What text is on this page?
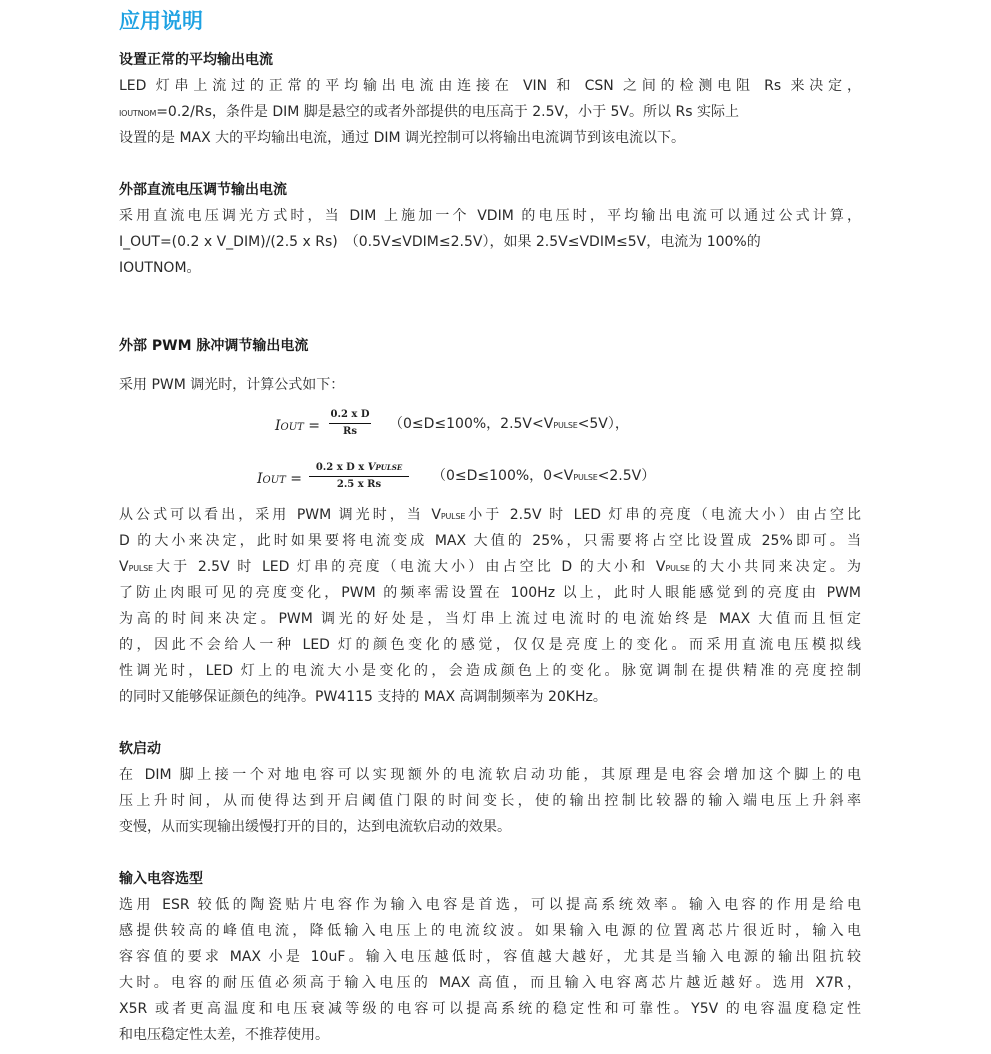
应用说明
设置正常的平均输出电流
LED 灯串上流过的正常的平均输出电流由连接在 VIN 和 CSN 之间的检测电阻 Rs 来决定，
IOUTNOM=0.2/Rs，条件是 DIM 脚是悬空的或者外部提供的电压高于 2.5V，小于 5V。所以 Rs 实际上
设置的是 MAX 大的平均输出电流，通过 DIM 调光控制可以将输出电流调节到该电流以下。
外部直流电压调节输出电流
采用直流电压调光方式时，当 DIM 上施加一个 VDIM 的电压时，平均输出电流可以通过公式计算，
I_OUT=(0.2 x V_DIM)/(2.5 x Rs)　（0.5V≤VDIM≤2.5V），如果 2.5V≤VDIM≤5V，电流为 100%的
IOUTNOM。
外部 PWM 脉冲调节输出电流
采用 PWM 调光时，计算公式如下：
IOUT =
0.2 x D
Rs	（0≤D≤100%，2.5V<VPULSE<5V），
IOUT =
0.2 x D x VPULSE
2.5 x Rs
（0≤D≤100%，0<VPULSE<2.5V）
从公式可以看出，采用 PWM 调光时，当 VPULSE小于 2.5V 时 LED 灯串的亮度（电流大小）由占空比
D 的大小来决定，此时如果要将电流变成 MAX 大值的 25%，只需要将占空比设置成 25%即可。当
VPULSE大于 2.5V 时 LED 灯串的亮度（电流大小）由占空比 D 的大小和 VPULSE的大小共同来决定。为
了防止肉眼可见的亮度变化，PWM 的频率需设置在 100Hz 以上，此时人眼能感觉到的亮度由 PWM
为高的时间来决定。PWM 调光的好处是，当灯串上流过电流时的电流始终是 MAX 大值而且恒定
的，因此不会给人一种 LED 灯的颜色变化的感觉，仅仅是亮度上的变化。而采用直流电压模拟线
性调光时，LED 灯上的电流大小是变化的，会造成颜色上的变化。脉宽调制在提供精准的亮度控制
的同时又能够保证颜色的纯净。PW4115 支持的 MAX 高调制频率为 20KHz。
软启动
在 DIM 脚上接一个对地电容可以实现额外的电流软启动功能，其原理是电容会增加这个脚上的电
压上升时间，从而使得达到开启阈值门限的时间变长，使的输出控制比较器的输入端电压上升斜率
变慢，从而实现输出缓慢打开的目的，达到电流软启动的效果。
输入电容选型
选用 ESR 较低的陶瓷贴片电容作为输入电容是首选，可以提高系统效率。输入电容的作用是给电
感提供较高的峰值电流，降低输入电压上的电流纹波。如果输入电源的位置离芯片很近时，输入电
容容值的要求 MAX 小是 10uF。输入电压越低时，容值越大越好，尤其是当输入电源的输出阻抗较
大时。电容的耐压值必须高于输入电压的 MAX 高值，而且输入电容离芯片越近越好。选用 X7R，
X5R 或者更高温度和电压衰减等级的电容可以提高系统的稳定性和可靠性。Y5V 的电容温度稳定性
和电压稳定性太差，不推荐使用。
